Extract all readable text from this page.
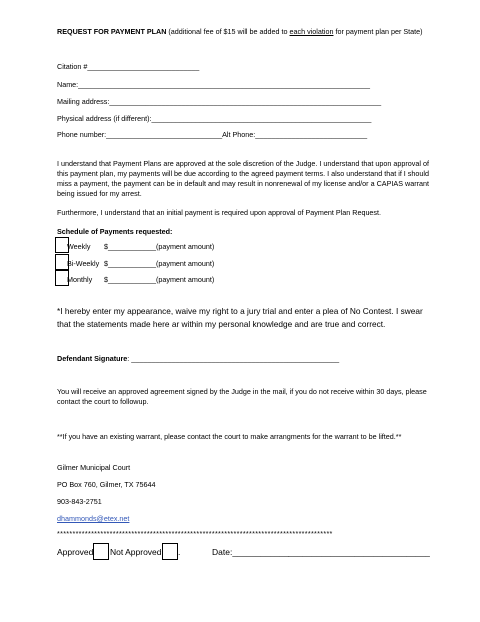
REQUEST FOR PAYMENT PLAN (additional fee of $15 will be added to each violation for payment plan per State)
Citation #____________________________
Name:_________________________________________________________________________
Mailing address:____________________________________________________________________
Physical address (if different):_______________________________________________________
Phone number:_____________________________Alt Phone:____________________________
I understand that Payment Plans are approved at the sole discretion of the Judge. I understand that upon approval of this payment plan, my payments will be due according to the agreed payment terms. I also understand that if I should miss a payment, the payment can be in default and may result in nonrenewal of my license and/or a CAPIAS warrant being issued for my arrest.
Furthermore, I understand that an initial payment is required upon approval of Payment Plan Request.
Schedule of Payments requested:
Weekly $____________(payment amount)
Bi-Weekly $____________(payment amount)
Monthly $____________(payment amount)
*I hereby enter my appearance, waive my right to a jury trial and enter a plea of No Contest. I swear that the statements made here ar within my personal knowledge and are true and correct.
Defendant Signature: ____________________________________________________
You will receive an approved agreement signed by the Judge in the mail, if you do not receive within 30 days, please contact the court to followup.
**If you have an existing warrant, please contact the court to make arrangments for the warrant to be lifted.**
Gilmer Municipal Court
PO Box 760, Gilmer, TX 75644
903-843-2751
dhammonds@etex.net
*****************************************************************************************
Approved Not Approved .	Date:____________
______________________________
